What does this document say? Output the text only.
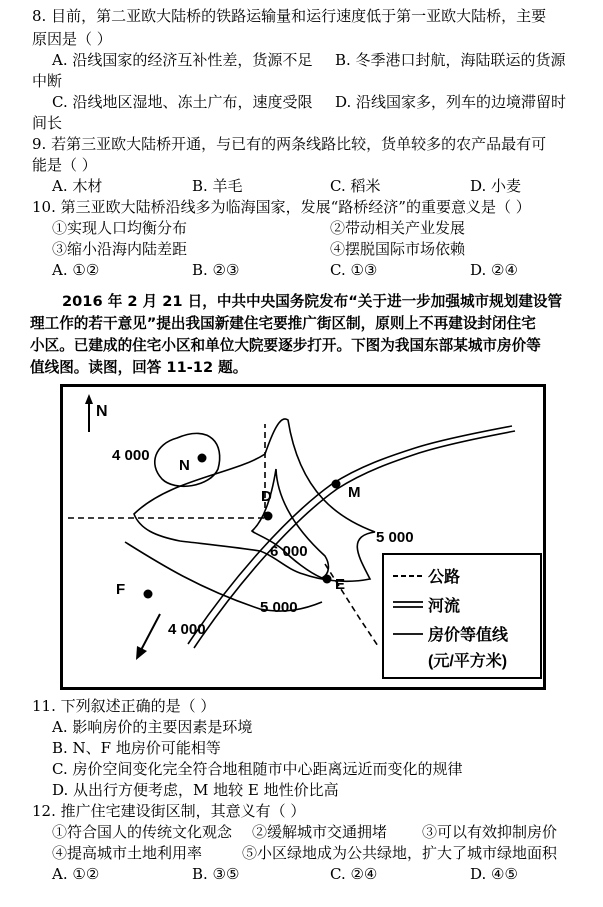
8. 目前，第二亚欧大陆桥的铁路运输量和运行速度低于第一亚欧大陆桥，主要
原因是（ ）
A. 沿线国家的经济互补性差，货源不足 B. 冬季港口封航，海陆联运的货源
中断
C. 沿线地区湿地、冻土广布，速度受限 D. 沿线国家多，列车的边境滞留时
间长
9. 若第三亚欧大陆桥开通，与已有的两条线路比较，货单较多的农产品最有可
能是（ ）
A. 木材	B. 羊毛	C. 稻米	D. 小麦
10. 第三亚欧大陆桥沿线多为临海国家，发展“路桥经济”的重要意义是（ ）
①实现人口均衡分布	②带动相关产业发展
③缩小沿海内陆差距	④摆脱国际市场依赖
A. ①②	B. ②③	C. ①③	D. ②④
2016 年 2 月 21 日，中共中央国务院发布“关于进一步加强城市规划建设管
理工作的若干意见”提出我国新建住宅要推广街区制，原则上不再建设封闭住宅
小区。已建成的住宅小区和单位大院要逐步打开。下图为我国东部某城市房价等
值线图。读图，回答 11-12 题。
N
4 000
N
D	M
5 000
6 000
E
F
5 000
4 000
公路
河流
房价等值线
(元/平方米)
11. 下列叙述正确的是（ ）
A. 影响房价的主要因素是环境
B. N、F 地房价可能相等
C. 房价空间变化完全符合地租随市中心距离远近而变化的规律
D. 从出行方便考虑，M 地较 E 地性价比高
12. 推广住宅建设街区制，其意义有（ ）
①符合国人的传统文化观念 ②缓解城市交通拥堵 ③可以有效抑制房价
④提高城市土地利用率	⑤小区绿地成为公共绿地，扩大了城市绿地面积
A. ①②	B. ③⑤	C. ②④	D. ④⑤
